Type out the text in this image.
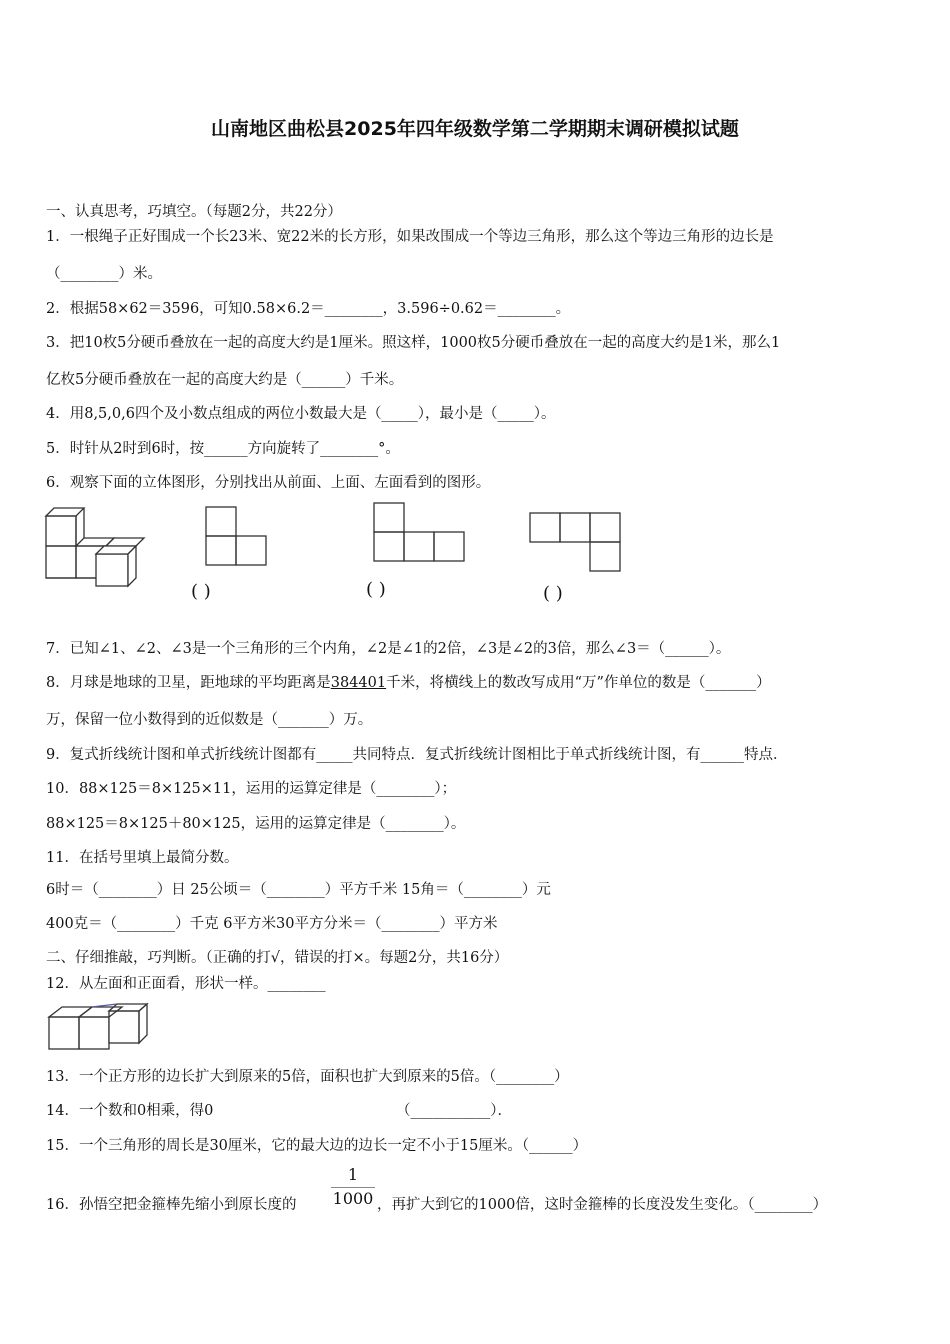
山南地区曲松县2025年四年级数学第二学期期末调研模拟试题
一、认真思考，巧填空。（每题2分，共22分）
1．一根绳子正好围成一个长23米、宽22米的长方形，如果改围成一个等边三角形，那么这个等边三角形的边长是
（________）米。
2．根据58×62＝3596，可知0.58×6.2＝________，3.596÷0.62＝________。
3．把10枚5分硬币叠放在一起的高度大约是1厘米。照这样，1000枚5分硬币叠放在一起的高度大约是1米，那么1
亿枚5分硬币叠放在一起的高度大约是（______）千米。
4．用8,5,0,6四个及小数点组成的两位小数最大是（_____），最小是（_____）。
5．时针从2时到6时，按______方向旋转了________°。
6．观察下面的立体图形，分别找出从前面、上面、左面看到的图形。
( )	( )	( )
7．已知∠1、∠2、∠3是一个三角形的三个内角，∠2是∠1的2倍，∠3是∠2的3倍，那么∠3＝（______）。
8．月球是地球的卫星，距地球的平均距离是384401千米，将横线上的数改写成用“万”作单位的数是（_______）
万，保留一位小数得到的近似数是（_______）万。
9．复式折线统计图和单式折线统计图都有_____共同特点．复式折线统计图相比于单式折线统计图，有______特点．
10．88×125＝8×125×11，运用的运算定律是（________）；
88×125＝8×125＋80×125，运用的运算定律是（________）。
11．在括号里填上最简分数。
6时＝（________）日 25公顷＝（________）平方千米 15角＝（________）元
400克＝（________）千克 6平方米30平方分米＝（________）平方米
二、仔细推敲，巧判断。（正确的打√，错误的打×。每题2分，共16分）
12．从左面和正面看，形状一样。________
13．一个正方形的边长扩大到原来的5倍，面积也扩大到原来的5倍。（________）
14．一个数和0相乘，得0	（___________）．
15．一个三角形的周长是30厘米，它的最大边的边长一定不小于15厘米。（______）
16．孙悟空把金箍棒先缩小到原长度的
1
1000 ，再扩大到它的1000倍，这时金箍棒的长度没发生变化。（________）
